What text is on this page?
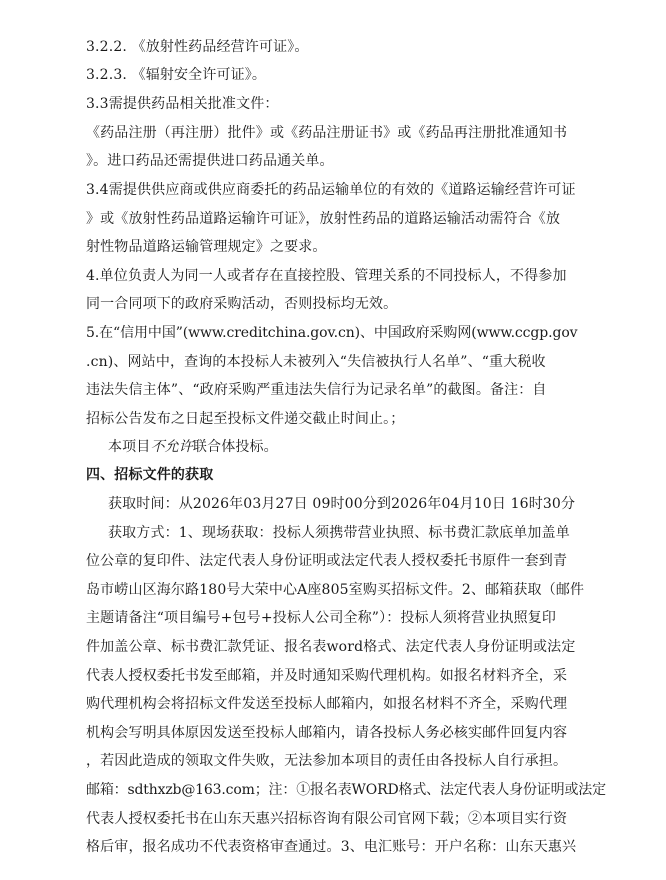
3.2.2. 《放射性药品经营许可证》。
3.2.3. 《辐射安全许可证》。
3.3需提供药品相关批准文件：
《药品注册（再注册）批件》或《药品注册证书》或《药品再注册批准通知书
》。进口药品还需提供进口药品通关单。
3.4需提供供应商或供应商委托的药品运输单位的有效的《道路运输经营许可证
》或《放射性药品道路运输许可证》，放射性药品的道路运输活动需符合《放
射性物品道路运输管理规定》之要求。
4.单位负责人为同一人或者存在直接控股、管理关系的不同投标人，不得参加
同一合同项下的政府采购活动，否则投标均无效。
5.在“信用中国”(www.creditchina.gov.cn)、中国政府采购网(www.ccgp.gov
.cn)、网站中，查询的本投标人未被列入“失信被执行人名单”、“重大税收
违法失信主体”、“政府采购严重违法失信行为记录名单”的截图。备注：自
招标公告发布之日起至投标文件递交截止时间止。；
本项目不允许联合体投标。
四、招标文件的获取
获取时间：从2026年03月27日 09时00分到2026年04月10日 16时30分
获取方式：1、现场获取：投标人须携带营业执照、标书费汇款底单加盖单
位公章的复印件、法定代表人身份证明或法定代表人授权委托书原件一套到青
岛市崂山区海尔路180号大荣中心A座805室购买招标文件。2、邮箱获取（邮件
主题请备注“项目编号+包号+投标人公司全称”）：投标人须将营业执照复印
件加盖公章、标书费汇款凭证、报名表word格式、法定代表人身份证明或法定
代表人授权委托书发至邮箱，并及时通知采购代理机构。如报名材料齐全，采
购代理机构会将招标文件发送至投标人邮箱内，如报名材料不齐全，采购代理
机构会写明具体原因发送至投标人邮箱内，请各投标人务必核实邮件回复内容
，若因此造成的领取文件失败，无法参加本项目的责任由各投标人自行承担。
邮箱：sdthxzb@163.com；注：①报名表WORD格式、法定代表人身份证明或法定
代表人授权委托书在山东天惠兴招标咨询有限公司官网下载；②本项目实行资
格后审，报名成功不代表资格审查通过。3、电汇账号：开户名称：山东天惠兴
